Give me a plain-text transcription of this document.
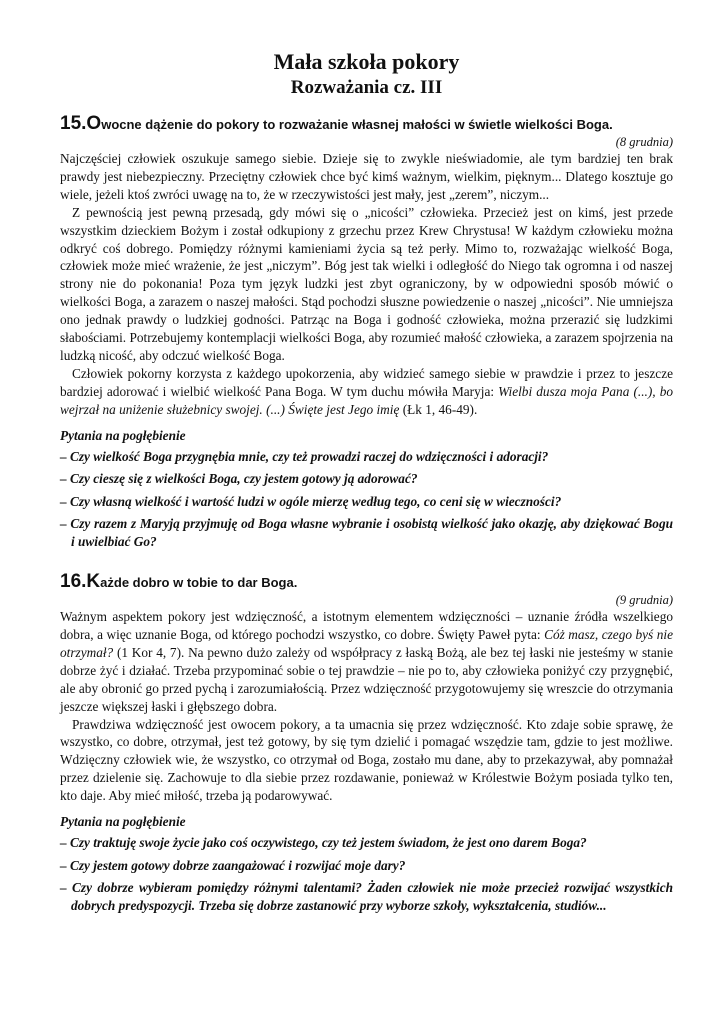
Mała szkoła pokory
Rozważania cz. III
15. Owocne dążenie do pokory to rozważanie własnej małości w świetle wielkości Boga.

(8 grudnia)

Najczęściej człowiek oszukuje samego siebie. Dzieje się to zwykle nieświadomie, ale tym bardziej ten brak prawdy jest niebezpieczny. Przeciętny człowiek chce być kimś ważnym, wielkim, pięknym... Dlatego kosztuje go wiele, jeżeli ktoś zwróci uwagę na to, że w rzeczywistości jest mały, jest „zerem”, niczym...

Z pewnością jest pewną przesadą, gdy mówi się o „nicości” człowieka. Przecież jest on kimś, jest przede wszystkim dzieckiem Bożym i został odkupiony z grzechu przez Krew Chrystusa! W każdym człowieku można odkryć coś dobrego. Pomiędzy różnymi kamieniami życia są też perły. Mimo to, rozważając wielkość Boga, człowiek może mieć wrażenie, że jest „niczym”. Bóg jest tak wielki i odległość do Niego tak ogromna i od naszej strony nie do pokonania! Poza tym język ludzki jest zbyt ograniczony, by w odpowiedni sposób mówić o wielkości Boga, a zarazem o naszej małości. Stąd pochodzi słuszne powiedzenie o naszej „nicości”. Nie umniejsza ono jednak prawdy o ludzkiej godności. Patrząc na Boga i godność człowieka, można przerazić się ludzkimi słabościami. Potrzebujemy kontemplacji wielkości Boga, aby rozumieć małość człowieka, a zarazem spojrzenia na ludzką nicość, aby odczuć wielkość Boga.

Człowiek pokorny korzysta z każdego upokorzenia, aby widzieć samego siebie w prawdzie i przez to jeszcze bardziej adorować i wielbić wielkość Pana Boga. W tym duchu mówiła Maryja: Wielbi dusza moja Pana (...), bo wejrzał na uniżenie służebnicy swojej. (...) Święte jest Jego imię (Łk 1, 46-49).

Pytania na pogłębienie
– Czy wielkość Boga przygnębia mnie, czy też prowadzi raczej do wdzięczności i adoracji?
– Czy cieszę się z wielkości Boga, czy jestem gotowy ją adorować?
– Czy własną wielkość i wartość ludzi w ogóle mierzę według tego, co ceni się w wieczności?
– Czy razem z Maryją przyjmuję od Boga własne wybranie i osobistą wielkość jako okazję, aby dziękować Bogu i uwielbiać Go?
16. Każde dobro w tobie to dar Boga.

(9 grudnia)

Ważnym aspektem pokory jest wdzięczność, a istotnym elementem wdzięczności – uznanie źródła wszelkiego dobra, a więc uznanie Boga, od którego pochodzi wszystko, co dobre. Święty Paweł pyta: Cóż masz, czego byś nie otrzymał? (1 Kor 4, 7). Na pewno dużo zależy od współpracy z łaską Bożą, ale bez tej łaski nie jesteśmy w stanie dobrze żyć i działać. Trzeba przypominać sobie o tej prawdzie – nie po to, aby człowieka poniżyć czy przygnębić, ale aby obronić go przed pychą i zarozumiałością. Przez wdzięczność przygotowujemy się wreszcie do otrzymania jeszcze większej łaski i głębszego dobra.

Prawdziwa wdzięczność jest owocem pokory, a ta umacnia się przez wdzięczność. Kto zdaje sobie sprawę, że wszystko, co dobre, otrzymał, jest też gotowy, by się tym dzielić i pomagać wszędzie tam, gdzie to jest możliwe. Wdzięczny człowiek wie, że wszystko, co otrzymał od Boga, zostało mu dane, aby to przekazywał, aby pomnażał przez dzielenie się. Zachowuje to dla siebie przez rozdawanie, ponieważ w Królestwie Bożym posiada tylko ten, kto daje. Aby mieć miłość, trzeba ją podarowywać.

Pytania na pogłębienie
– Czy traktuję swoje życie jako coś oczywistego, czy też jestem świadom, że jest ono darem Boga?
– Czy jestem gotowy dobrze zaangażować i rozwijać moje dary?
– Czy dobrze wybieram pomiędzy różnymi talentami? Żaden człowiek nie może przecież rozwijać wszystkich dobrych predyspozycji. Trzeba się dobrze zastanowić przy wyborze szkoły, wykształcenia, studiów...
